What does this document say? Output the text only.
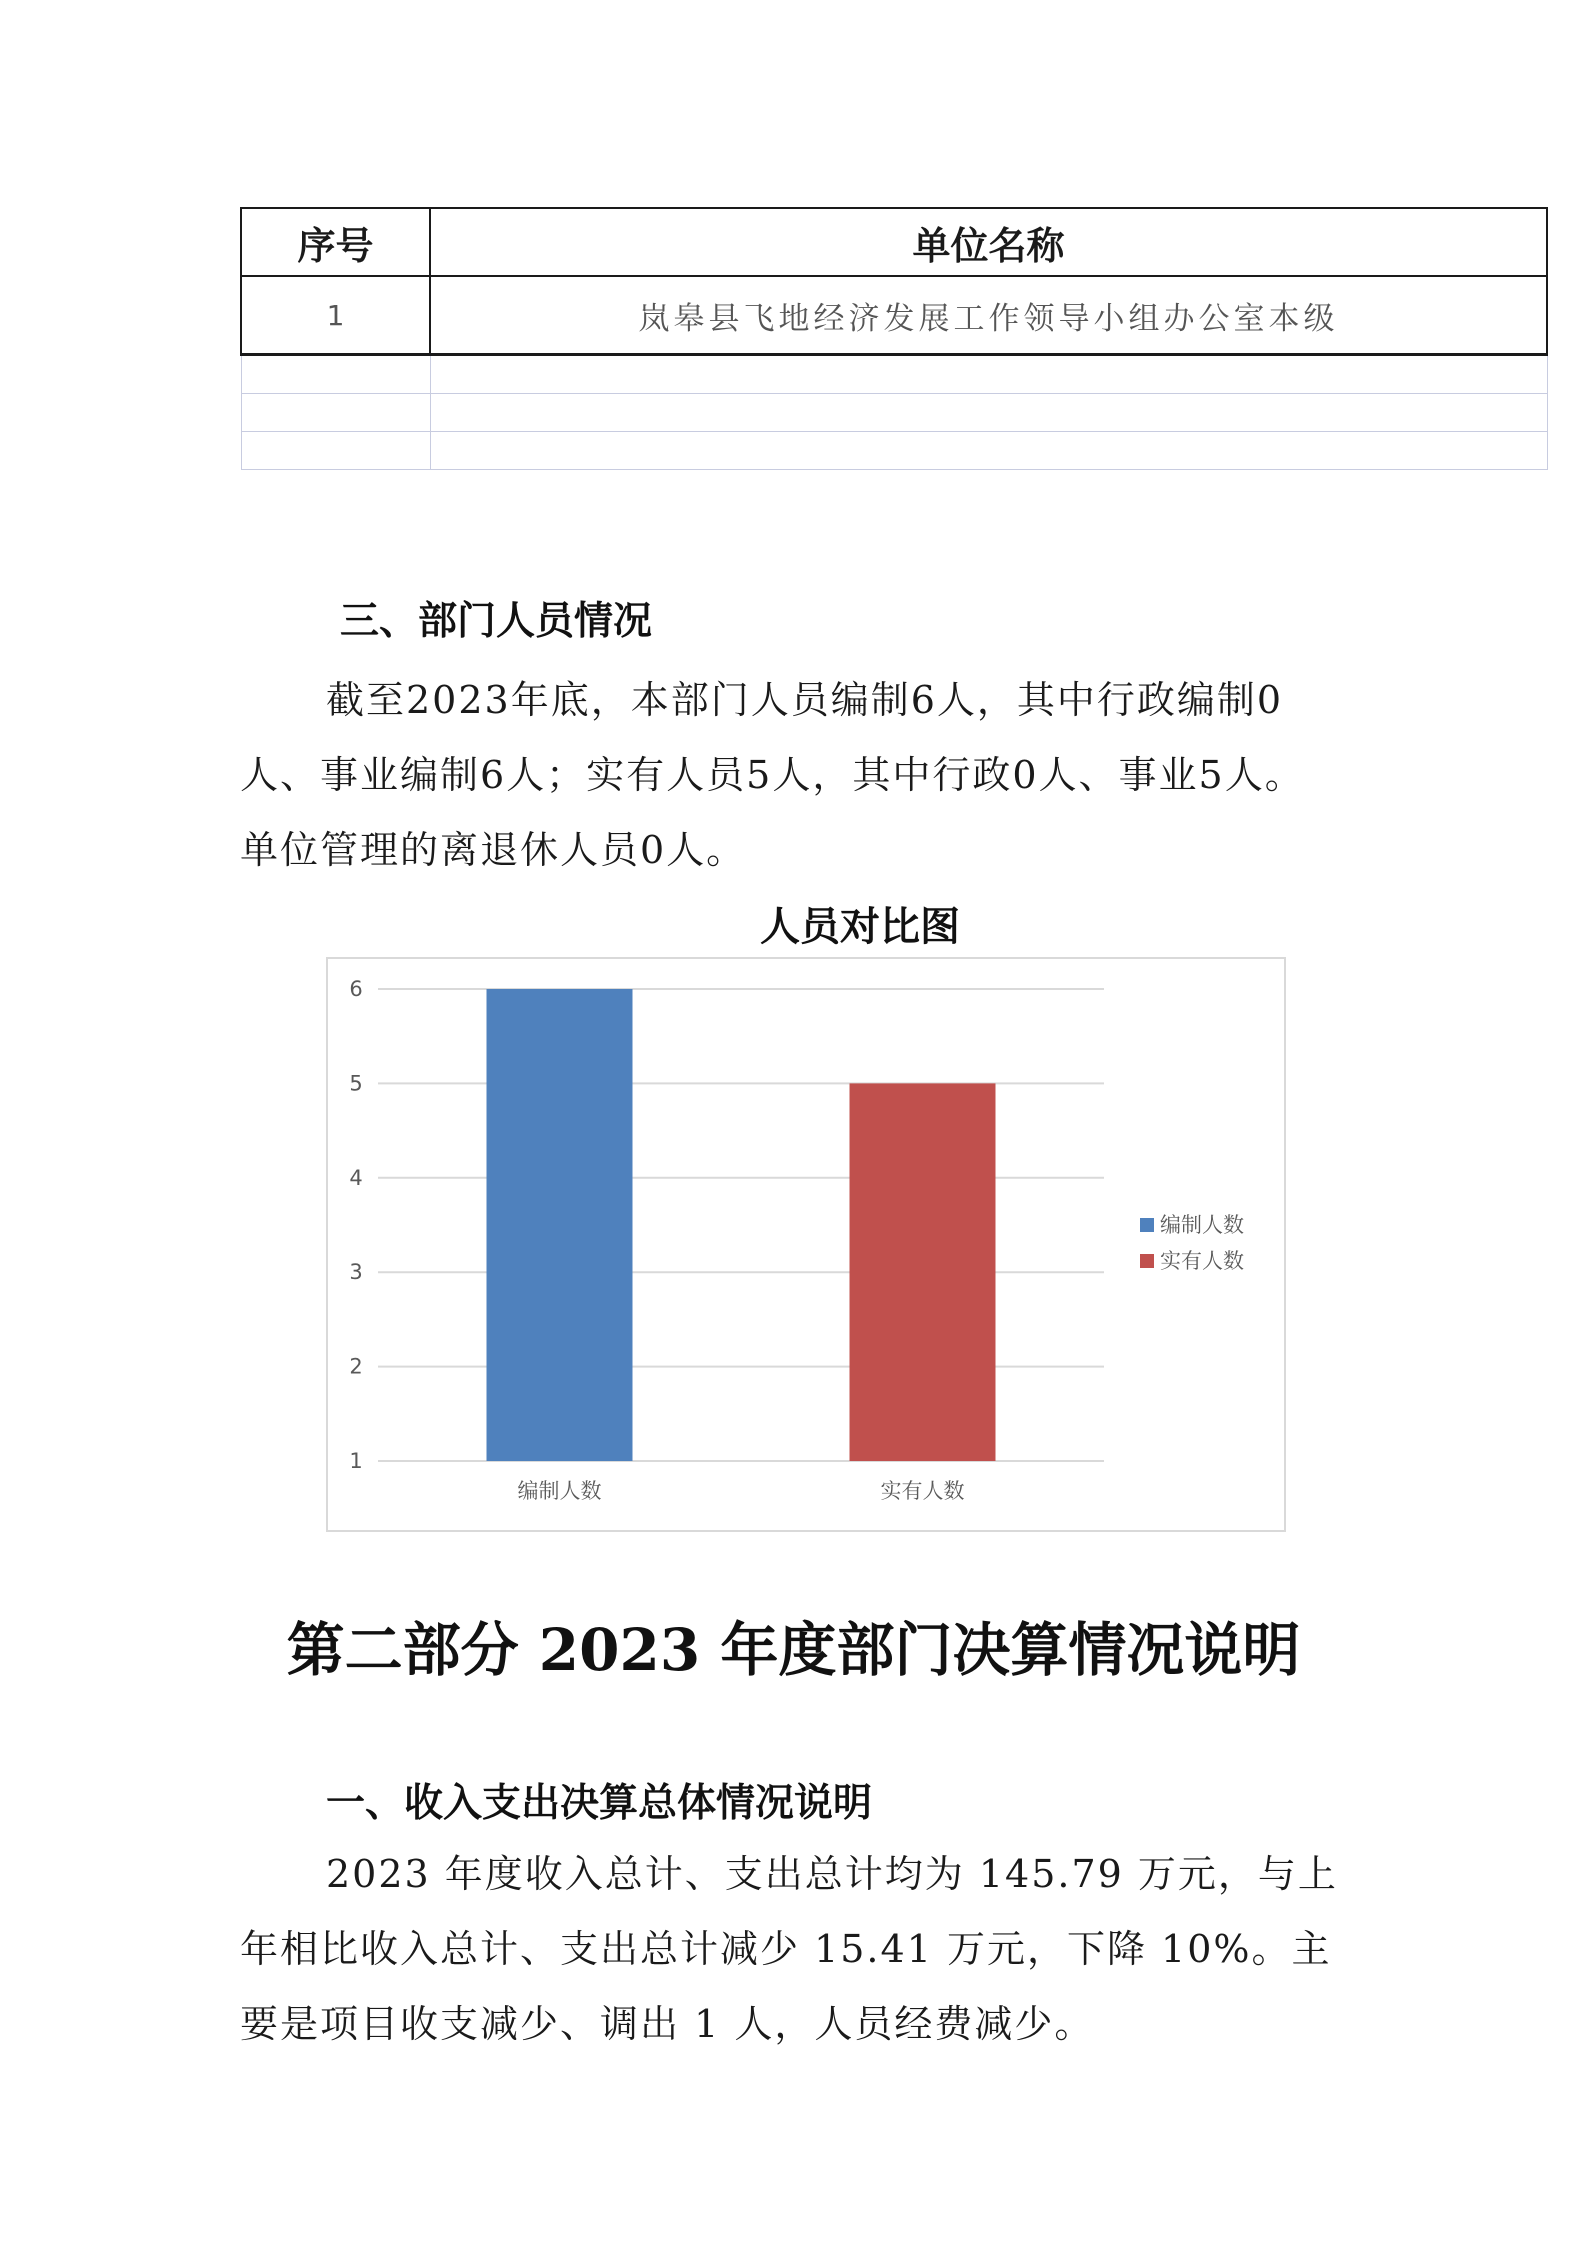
序号	单位名称
1	岚皋县飞地经济发展工作领导小组办公室本级

三、部门人员情况

截至2023年底，本部门人员编制6人，其中行政编制0人、事业编制6人；实有人员5人，其中行政0人、事业5人。

单位管理的离退休人员0人。

人员对比图
1
2
3
4
5
6
编制人数	实有人数
编制人数
实有人数
第二部分 2023 年度部门决算情况说明
一、收入支出决算总体情况说明

2023 年度收入总计、支出总计均为 145.79 万元，与上年相比收入总计、支出总计减少 15.41 万元，下降 10%。主要是项目收支减少、调出 1 人，人员经费减少。
